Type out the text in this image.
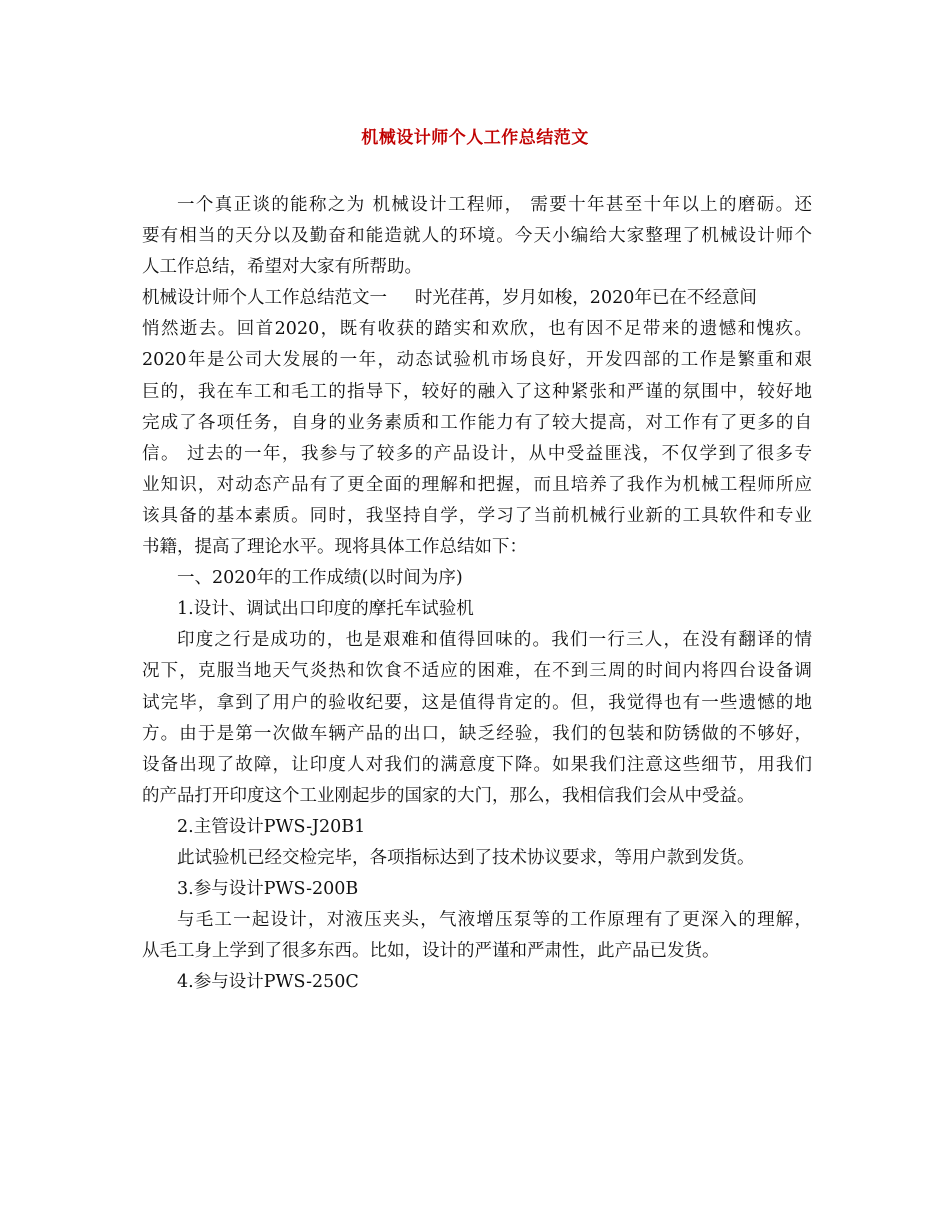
机械设计师个人工作总结范文
一个真正谈的能称之为 机械设计工程师， 需要十年甚至十年以上的磨砺。还
要有相当的天分以及勤奋和能造就人的环境。今天小编给大家整理了机械设计师个
人工作总结，希望对大家有所帮助。
机械设计师个人工作总结范文一     时光荏苒，岁月如梭，2020年已在不经意间
悄然逝去。回首2020，既有收获的踏实和欢欣，也有因不足带来的遗憾和愧疚。
2020年是公司大发展的一年，动态试验机市场良好，开发四部的工作是繁重和艰
巨的，我在车工和毛工的指导下，较好的融入了这种紧张和严谨的氛围中，较好地
完成了各项任务，自身的业务素质和工作能力有了较大提高，对工作有了更多的自
信。 过去的一年，我参与了较多的产品设计，从中受益匪浅，不仅学到了很多专
业知识，对动态产品有了更全面的理解和把握，而且培养了我作为机械工程师所应
该具备的基本素质。同时，我坚持自学，学习了当前机械行业新的工具软件和专业
书籍，提高了理论水平。现将具体工作总结如下：
一、2020年的工作成绩(以时间为序)
1.设计、调试出口印度的摩托车试验机
印度之行是成功的，也是艰难和值得回味的。我们一行三人，在没有翻译的情
况下，克服当地天气炎热和饮食不适应的困难，在不到三周的时间内将四台设备调
试完毕，拿到了用户的验收纪要，这是值得肯定的。但，我觉得也有一些遗憾的地
方。由于是第一次做车辆产品的出口，缺乏经验，我们的包装和防锈做的不够好，
设备出现了故障，让印度人对我们的满意度下降。如果我们注意这些细节，用我们
的产品打开印度这个工业刚起步的国家的大门，那么，我相信我们会从中受益。
2.主管设计PWS-J20B1
此试验机已经交检完毕，各项指标达到了技术协议要求，等用户款到发货。
3.参与设计PWS-200B
与毛工一起设计，对液压夹头，气液增压泵等的工作原理有了更深入的理解，
从毛工身上学到了很多东西。比如，设计的严谨和严肃性，此产品已发货。
4.参与设计PWS-250C
